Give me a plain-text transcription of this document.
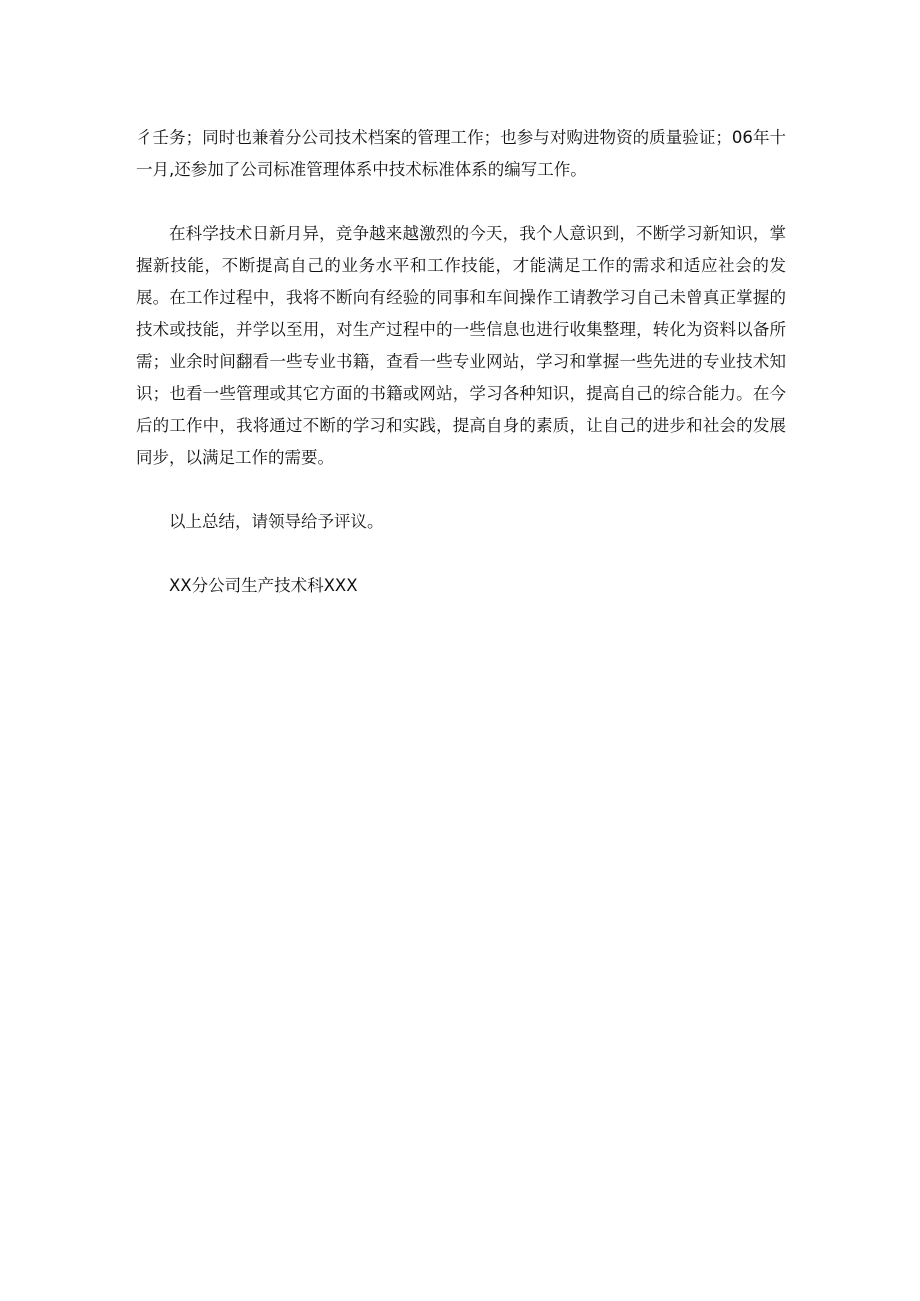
彳壬务；同时也兼着分公司技术档案的管理工作；也参与对购进物资的质量验证；06年十一月,还参加了公司标准管理体系中技术标准体系的编写工作。

在科学技术日新月异，竞争越来越激烈的今天，我个人意识到，不断学习新知识，掌握新技能，不断提高自己的业务水平和工作技能，才能满足工作的需求和适应社会的发展。在工作过程中，我将不断向有经验的同事和车间操作工请教学习自己未曾真正掌握的技术或技能，并学以至用，对生产过程中的一些信息也进行收集整理，转化为资料以备所需；业余时间翻看一些专业书籍，查看一些专业网站，学习和掌握一些先进的专业技术知识；也看一些管理或其它方面的书籍或网站，学习各种知识，提高自己的综合能力。在今后的工作中，我将通过不断的学习和实践，提高自身的素质，让自己的进步和社会的发展同步，以满足工作的需要。

以上总结，请领导给予评议。

XX分公司生产技术科XXX
